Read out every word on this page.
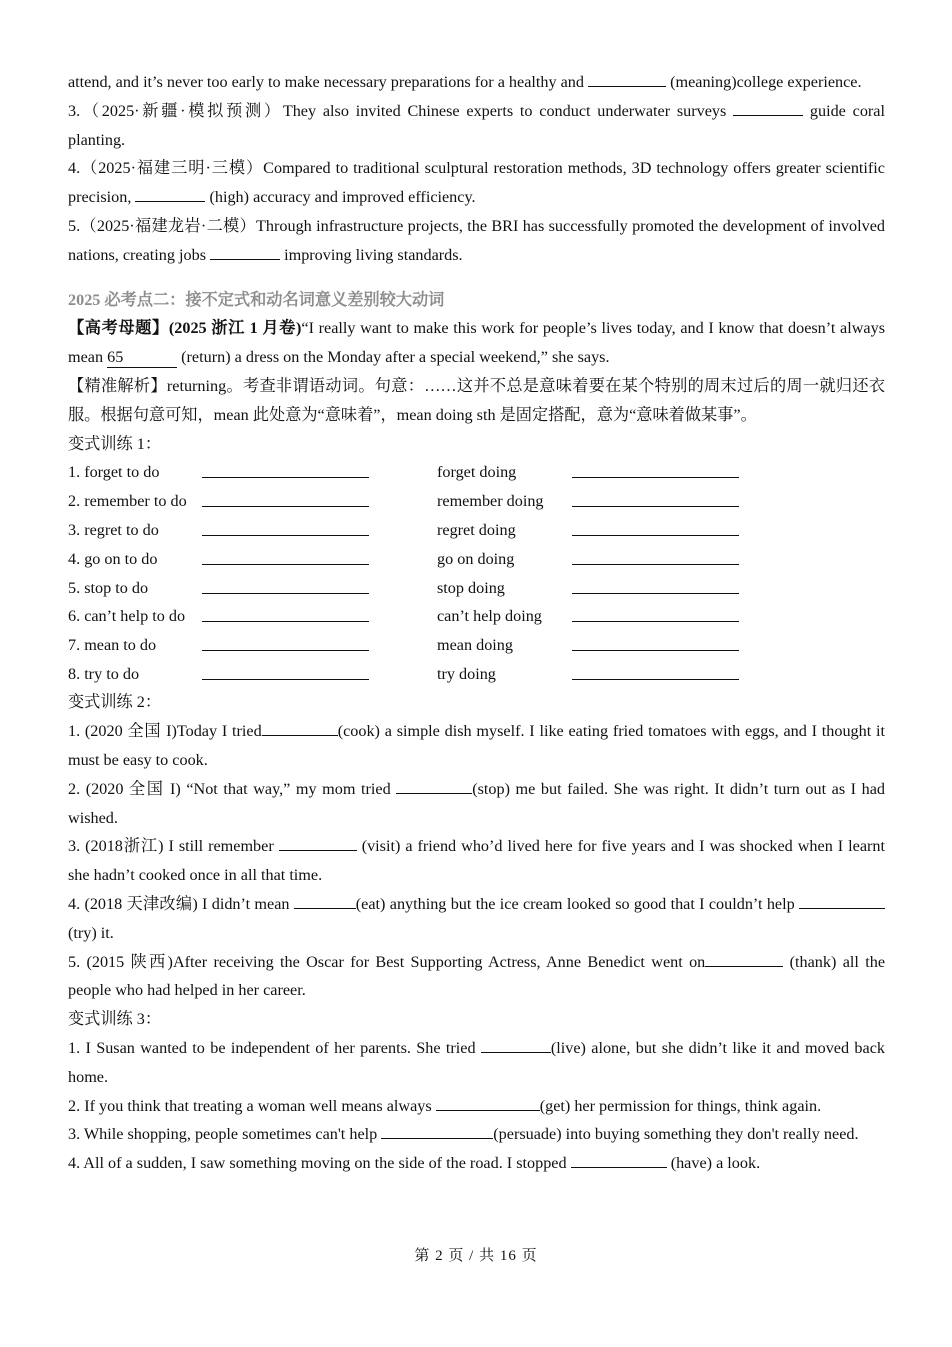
attend, and it’s never too early to make necessary preparations for a healthy and	(meaning)college experience.

3.（2025·新疆·模拟预测）They also invited Chinese experts to conduct underwater surveys	guide coral planting.

4.（2025·福建三明·三模）Compared to traditional sculptural restoration methods, 3D technology offers greater scientific precision,	(high) accuracy and improved efficiency.

5.（2025·福建龙岩·二模）Through infrastructure projects, the BRI has successfully promoted the development of involved nations, creating jobs	improving living standards.

2025 必考点二：接不定式和动名词意义差别较大动词

【高考母题】(2025 浙江 1 月卷)“I really want to make this work for people’s lives today, and I know that doesn’t always mean 65	(return) a dress on the Monday after a special weekend,” she says.

【精准解析】returning。考查非谓语动词。句意：……这并不总是意味着要在某个特别的周末过后的周一就归还衣服。根据句意可知，mean 此处意为“意味着”，mean doing sth 是固定搭配，意为“意味着做某事”。

变式训练 1：

1. forget to do	forget doing
2. remember to do	remember doing
3. regret to do	regret doing
4. go on to do	go on doing
5. stop to do	stop doing
6. can’t help to do	can’t help doing
7. mean to do	mean doing
8. try to do	try doing

变式训练 2：

1. (2020 全国 I)Today I tried	(cook) a simple dish myself. I like eating fried tomatoes with eggs, and I thought it must be easy to cook.

2. (2020 全国 I) “Not that way,” my mom tried	(stop) me but failed. She was right. It didn’t turn out as I had wished.

3. (2018浙江) I still remember	(visit) a friend who’d lived here for five years and I was shocked when I learnt she hadn’t cooked once in all that time.

4. (2018 天津改编) I didn’t mean	(eat) anything but the ice cream looked so good that I couldn’t help (try) it.

5. (2015 陕西)After receiving the Oscar for Best Supporting Actress, Anne Benedict went on	(thank) all the people who had helped in her career.

变式训练 3：

1. I Susan wanted to be independent of her parents. She tried	(live) alone, but she didn’t like it and moved back home.

2. If you think that treating a woman well means always	(get) her permission for things, think again.

3. While shopping, people sometimes can't help	(persuade) into buying something they don't really need.

4. All of a sudden, I saw something moving on the side of the road. I stopped	(have) a look.

第 2 页 / 共 16 页
